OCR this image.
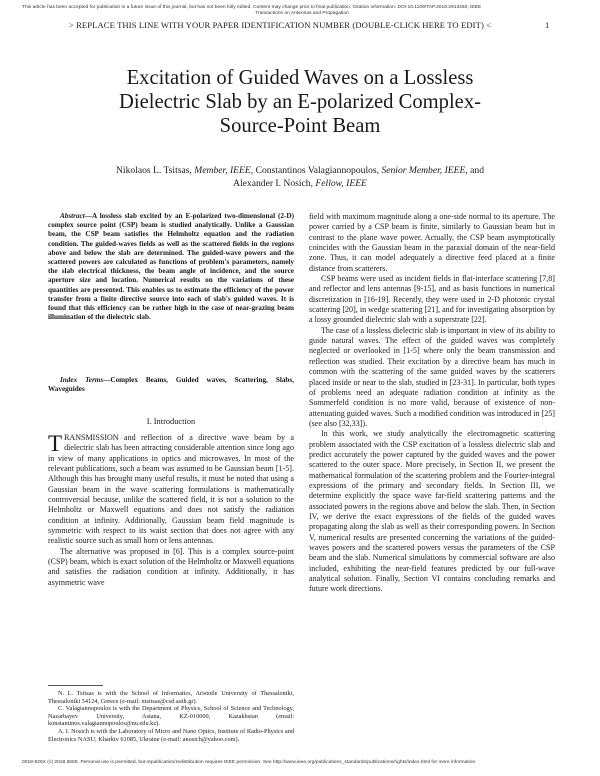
This article has been accepted for publication in a future issue of this journal, but has not been fully edited. Content may change prior to final publication. Citation information: DOI 10.1109/TAP.2019.2913460, IEEE
Transactions on Antennas and Propagation
> REPLACE THIS LINE WITH YOUR PAPER IDENTIFICATION NUMBER (DOUBLE-CLICK HERE TO EDIT) <	1
Excitation of Guided Waves on a Lossless
Dielectric Slab by an E-polarized Complex-
Source-Point Beam
Nikolaos L. Tsitsas, Member, IEEE, Constantinos Valagiannopoulos, Senior Member, IEEE, and
Alexander I. Nosich, Fellow, IEEE
Abstract—A lossless slab excited by an E-polarized two-dimensional (2-D) complex source point (CSP) beam is studied analytically. Unlike a Gaussian beam, the CSP beam satisfies the Helmholtz equation and the radiation condition. The guided-waves fields as well as the scattered fields in the regions above and below the slab are determined. The guided-wave powers and the scattered powers are calculated as functions of problem's parameters, namely the slab electrical thickness, the beam angle of incidence, and the source aperture size and location. Numerical results on the variations of these quantities are presented. This enables us to estimate the efficiency of the power transfer from a finite directive source into each of slab's guided waves. It is found that this efficiency can be rather high in the case of near-grazing beam illumination of the dielectric slab.
Index Terms—Complex Beams, Guided waves, Scattering, Slabs, Waveguides
I. Introduction

TRANSMISSION and reflection of a directive wave beam by a dielectric slab has been attracting considerable attention since long ago in view of many applications in optics and microwaves. In most of the relevant publications, such a beam was assumed to be Gaussian beam [1-5]. Although this has brought many useful results, it must be noted that using a Gaussian beam in the wave scattering formulations is mathematically controversial because, unlike the scattered field, it is not a solution to the Helmholtz or Maxwell equations and does not satisfy the radiation condition at infinity. Additionally, Gaussian beam field magnitude is symmetric with respect to its waist section that does not agree with any realistic source such as small horn or lens antennas.

The alternative was proposed in [6]. This is a complex source-point (CSP) beam, which is exact solution of the Helmholtz or Maxwell equations and satisfies the radiation condition at infinity. Additionally, it has asymmetric wave

N. L. Tsitsas is with the School of Informatics, Aristotle University of Thessaloniki, Thessaloniki 54124, Greece (e-mail: ntsitsas@csd.auth.gr).

C. Valagiannopoulos is with the Department of Physics, School of Science and Technology, Nazarbayev University, Astana, KZ-010000, Kazakhstan (email: konstantinos.valagiannopoulos@nu.edu.kz).

A. I. Nosich is with the Laboratory of Micro and Nano Optics, Institute of Radio-Physics and Electronics NASU, Kharkiv 61085, Ukraine (e-mail: anosich@yahoo.com).

field with maximum magnitude along a one-side normal to its aperture. The power carried by a CSP beam is finite, similarly to Gaussian beam but in contrast to the plane wave power. Actually, the CSP beam asymptotically coincides with the Gaussian beam in the paraxial domain of the near-field zone. Thus, it can model adequately a directive feed placed at a finite distance from scatterers.

CSP beams were used as incident fields in flat-interface scattering [7,8] and reflector and lens antennas [9-15], and as basis functions in numerical discretization in [16-19]. Recently, they were used in 2-D photonic crystal scattering [20], in wedge scattering [21], and for investigating absorption by a lossy grounded dielectric slab with a superstrate [22].

The case of a lossless dielectric slab is important in view of its ability to guide natural waves. The effect of the guided waves was completely neglected or overlooked in [1-5] where only the beam transmission and reflection was studied. Their excitation by a directive beam has much in common with the scattering of the same guided waves by the scatterers placed inside or near to the slab, studied in [23-31]. In particular, both types of problems need an adequate radiation condition at infinity as the Sommerfeld condition is no more valid, because of existence of non-attenuating guided waves. Such a modified condition was introduced in [25] (see also [32,33]).

In this work, we study analytically the electromagnetic scattering problem associated with the CSP excitation of a lossless dielectric slab and predict accurately the power captured by the guided waves and the power scattered to the outer space. More precisely, in Section II, we present the mathematical formulation of the scattering problem and the Fourier-integral expressions of the primary and secondary fields. In Section III, we determine explicitly the space wave far-field scattering patterns and the associated powers in the regions above and below the slab. Then, in Section IV, we derive the exact expressions of the fields of the guided waves propagating along the slab as well as their corresponding powers. In Section V, numerical results are presented concerning the variations of the guided-waves powers and the scattered powers versus the parameters of the CSP beam and the slab. Numerical simulations by commercial software are also included, exhibiting the near-field features predicted by our full-wave analytical solution. Finally, Section VI contains concluding remarks and future work directions.

0018-926X (c) 2018 IEEE. Personal use is permitted, but republication/redistribution requires IEEE permission. See http://www.ieee.org/publications_standards/publications/rights/index.html for more information.
